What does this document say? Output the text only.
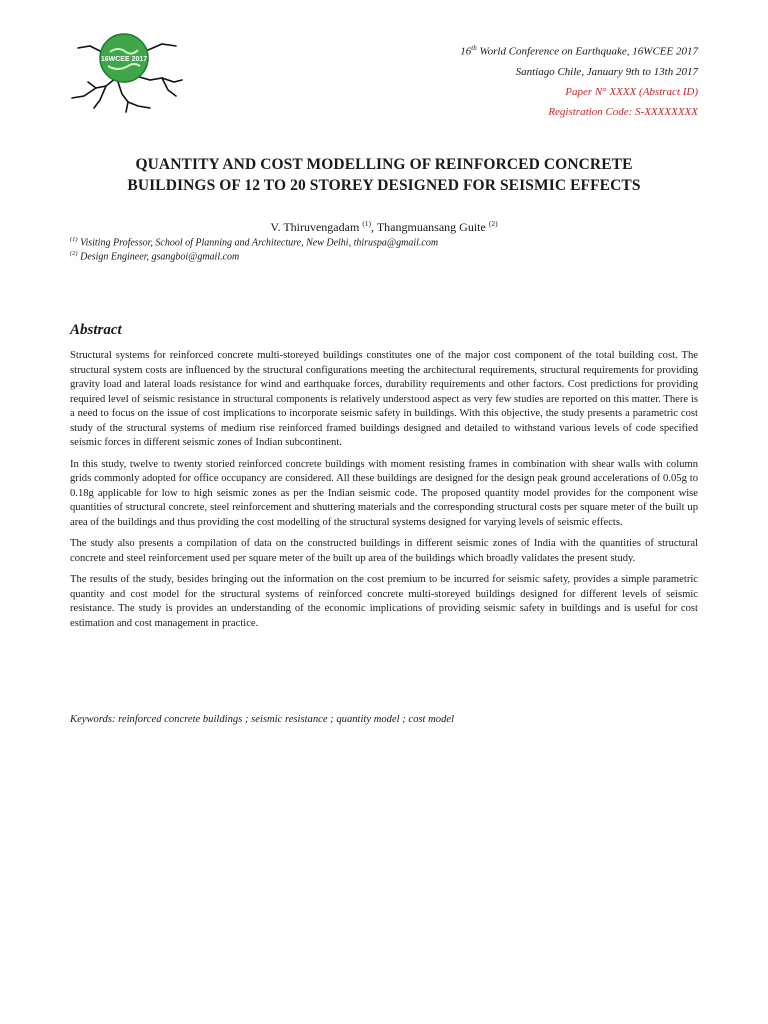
16WCEE 2017
16th World Conference on Earthquake, 16WCEE 2017
Santiago Chile, January 9th to 13th 2017
Paper N° XXXX (Abstract ID)
Registration Code: S-XXXXXXXX
QUANTITY AND COST MODELLING OF REINFORCED CONCRETE
BUILDINGS OF 12 TO 20 STOREY DESIGNED FOR SEISMIC EFFECTS
V. Thiruvengadam $^{(1)}$, Thangmuansang Guite $^{(2)}$
$^{(1)}$ Visiting Professor, School of Planning and Architecture, New Delhi, thiruspa@gmail.com
$^{(2)}$ Design Engineer, gsangboi@gmail.com
Abstract

Structural systems for reinforced concrete multi-storeyed buildings constitutes one of the major cost component of the total building cost. The structural system costs are influenced by the structural configurations meeting the architectural requirements, structural requirements for providing gravity load and lateral loads resistance for wind and earthquake forces, durability requirements and other factors. Cost predictions for providing required level of seismic resistance in structural components is relatively understood aspect as very few studies are reported on this matter. There is a need to focus on the issue of cost implications to incorporate seismic safety in buildings. With this objective, the study presents a parametric cost study of the structural systems of medium rise reinforced framed buildings designed and detailed to withstand various levels of code specified seismic forces in different seismic zones of Indian subcontinent.

In this study, twelve to twenty storied reinforced concrete buildings with moment resisting frames in combination with shear walls with column grids commonly adopted for office occupancy are considered. All these buildings are designed for the design peak ground accelerations of 0.05g to 0.18g applicable for low to high seismic zones as per the Indian seismic code. The proposed quantity model provides for the component wise quantities of structural concrete, steel reinforcement and shuttering materials and the corresponding structural costs per square meter of the built up area of the buildings and thus providing the cost modelling of the structural systems designed for varying levels of seismic effects.

The study also presents a compilation of data on the constructed buildings in different seismic zones of India with the quantities of structural concrete and steel reinforcement used per square meter of the built up area of the buildings which broadly validates the present study.

The results of the study, besides bringing out the information on the cost premium to be incurred for seismic safety, provides a simple parametric quantity and cost model for the structural systems of reinforced concrete multi-storeyed buildings designed for different levels of seismic resistance. The study is provides an understanding of the economic implications of providing seismic safety in buildings and is useful for cost estimation and cost management in practice.

Keywords: reinforced concrete buildings ; seismic resistance ; quantity model ; cost model
